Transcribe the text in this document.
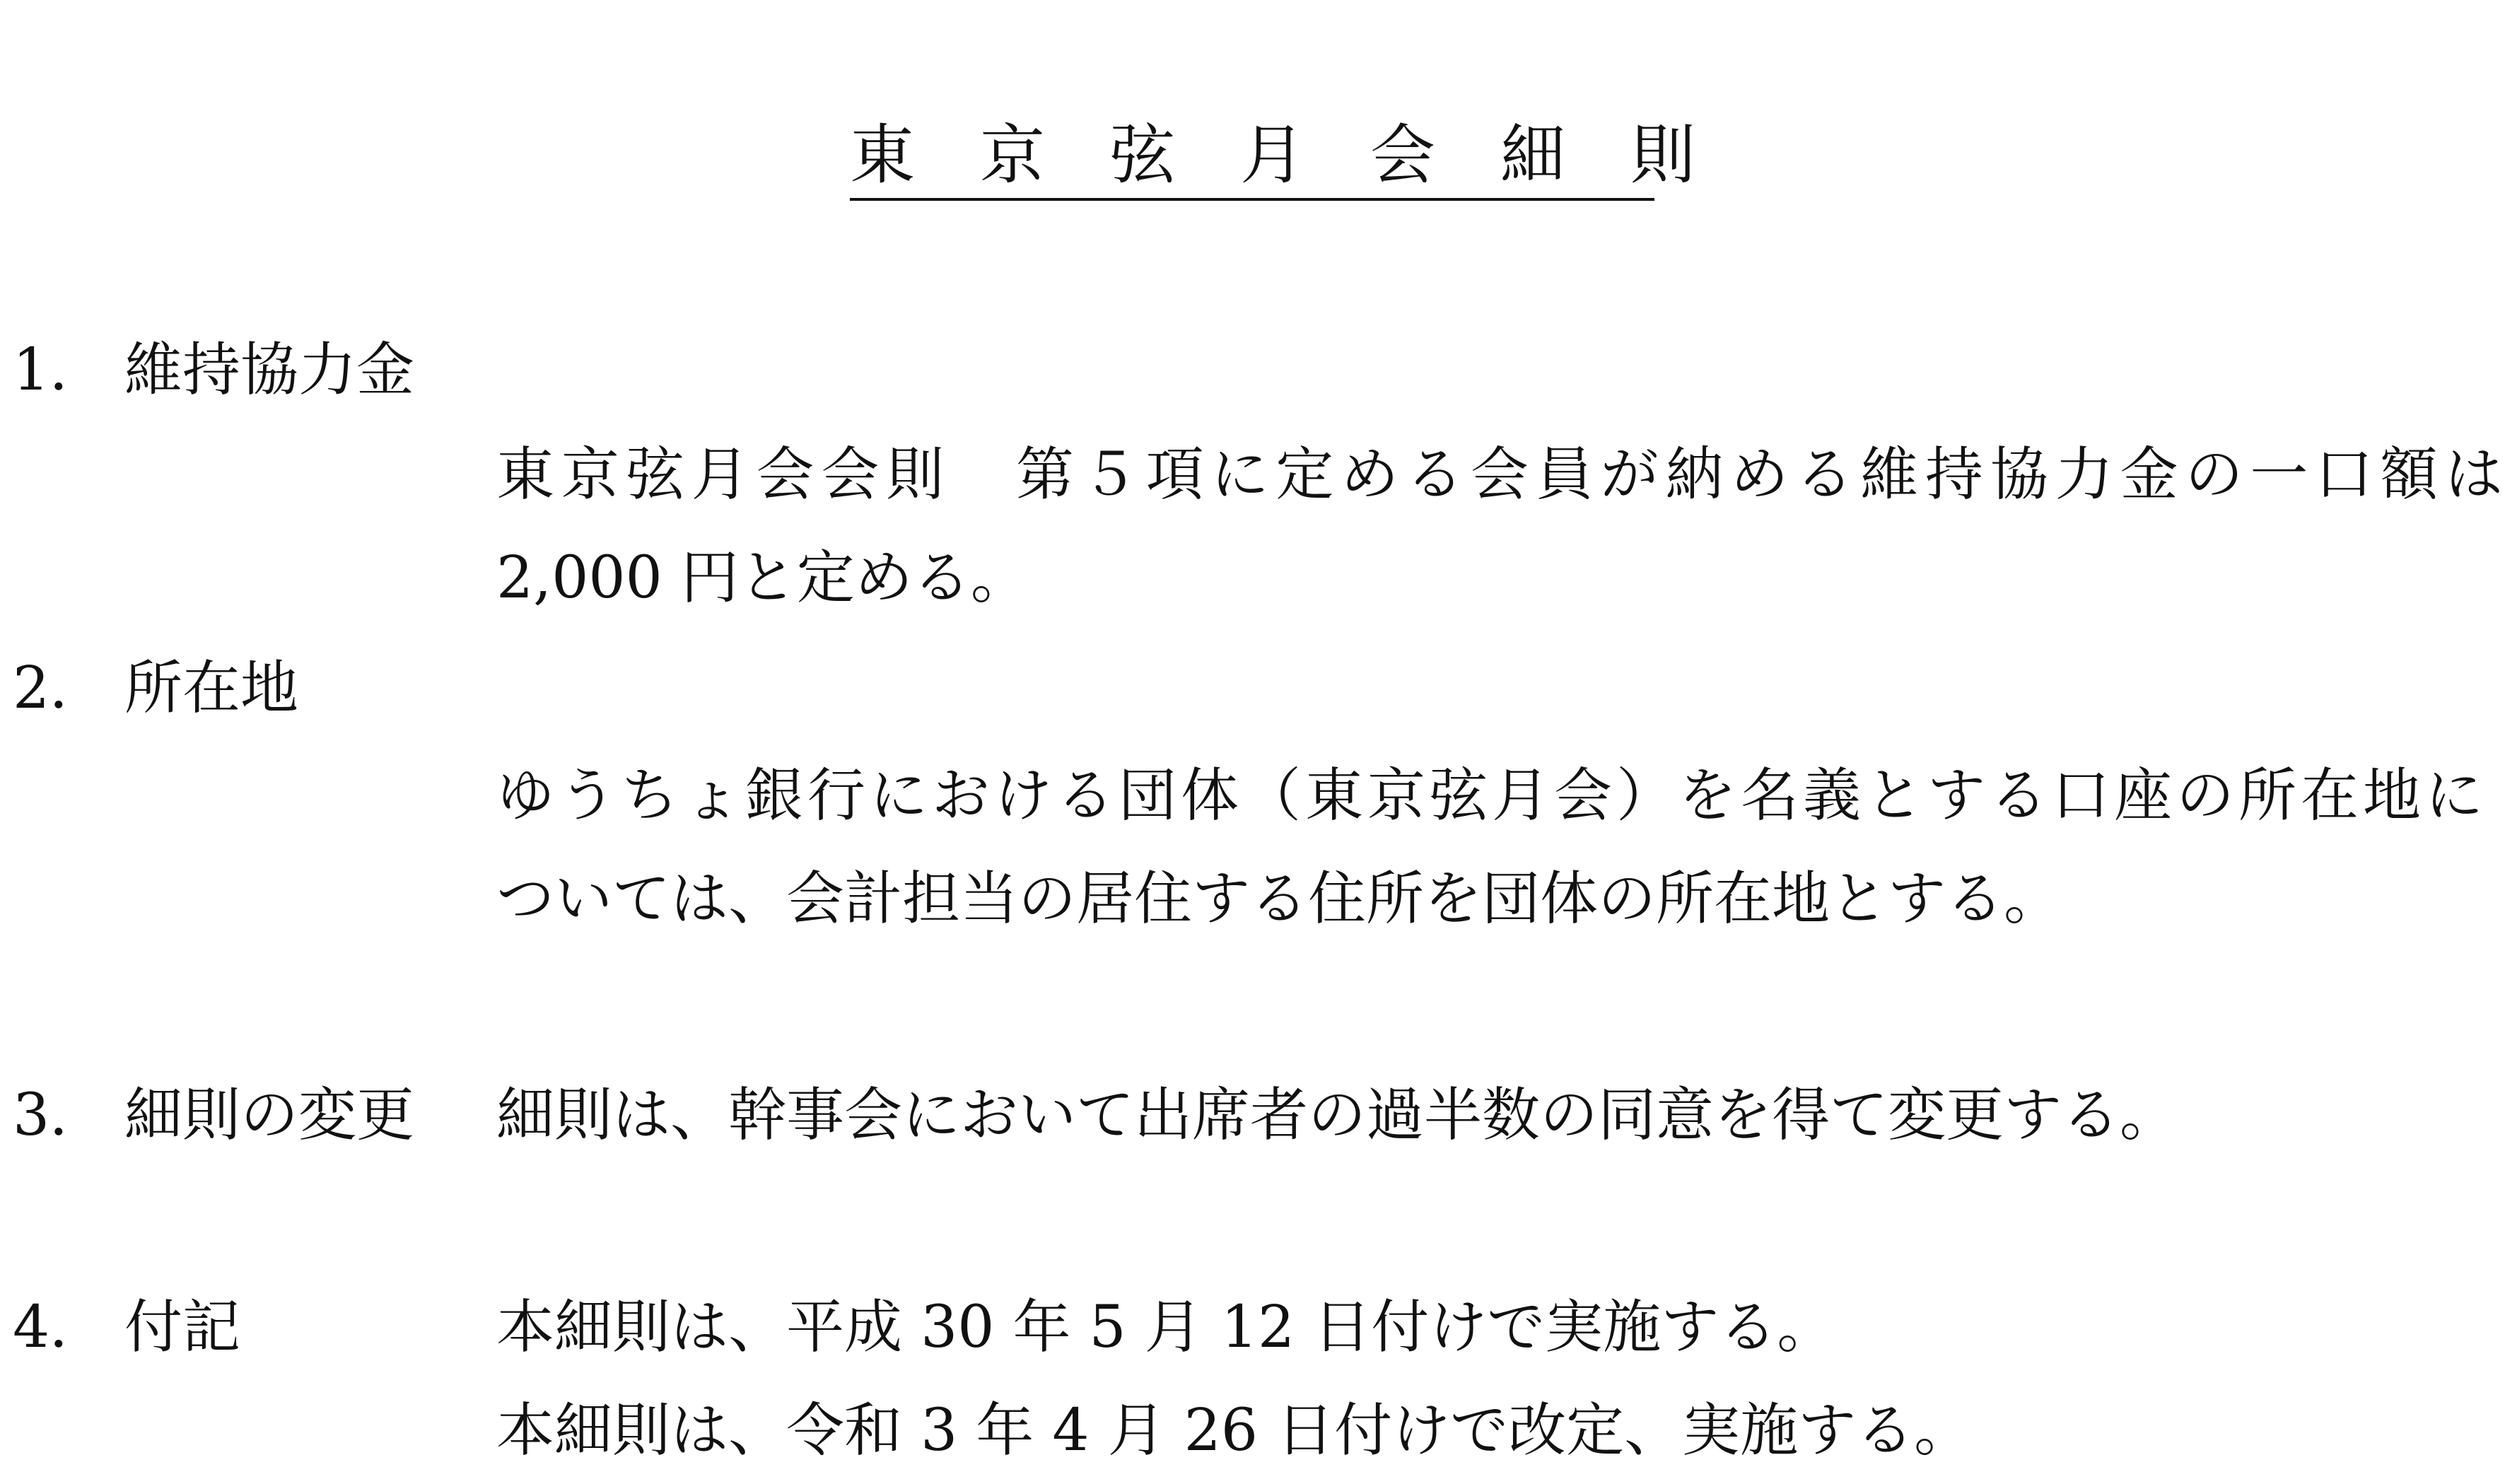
東　京　弦　月　会　細　則
1． 維持協力金
東京弦月会会則　第５項に定める会員が納める維持協力金の一口額は
2,000 円と定める。
2． 所在地
ゆうちょ銀行における団体（東京弦月会）を名義とする口座の所在地に
ついては、会計担当の居住する住所を団体の所在地とする。
3． 細則の変更 細則は、幹事会において出席者の過半数の同意を得て変更する。
4． 付記	本細則は、平成 30 年 5 月 12 日付けで実施する。
本細則は、令和 3 年 4 月 26 日付けで改定、実施する。
